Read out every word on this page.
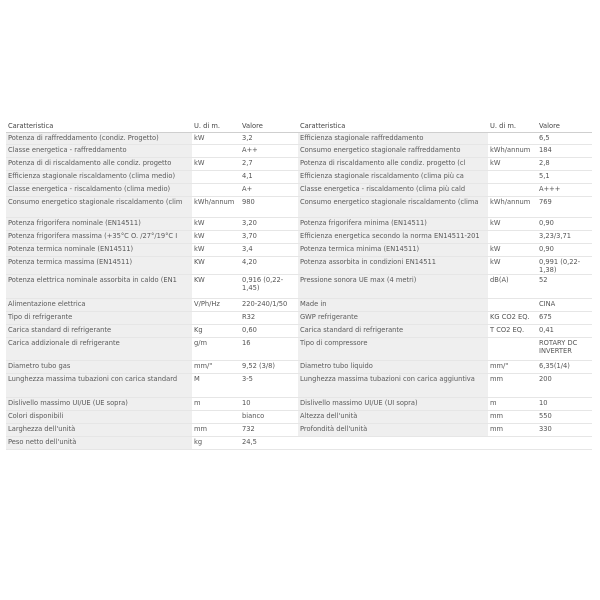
Caratteristica	U. di m.	Valore	Caratteristica	U. di m.	Valore
Potenza di raffreddamento (condiz. Progetto)	kW	3,2	Efficienza stagionale raffreddamento		6,5
Classe energetica - raffreddamento		A++	Consumo energetico stagionale raffreddamento	kWh/annum	184
Potenza di di riscaldamento alle condiz. progetto	kW	2,7	Potenza di riscaldamento alle condiz. progetto (cl	kW	2,8
Efficienza stagionale riscaldamento (clima medio)		4,1	Efficienza stagionale riscaldamento (clima più ca		5,1
Classe energetica - riscaldamento (clima medio)		A+	Classe energetica - riscaldamento (clima più cald		A+++
Consumo energetico stagionale riscaldamento (clim	kWh/annum	980	Consumo energetico stagionale riscaldamento (clima	kWh/annum	769
Potenza frigorifera nominale (EN14511)	kW	3,20	Potenza frigorifera minima (EN14511)	kW	0,90
Potenza frigorifera massima (+35°C O. /27°/19°C I	kW	3,70	Efficienza energetica secondo la norma EN14511-201		3,23/3,71
Potenza termica nominale (EN14511)	kW	3,4	Potenza termica minima (EN14511)	kW	0,90
Potenza termica massima (EN14511)	KW	4,20	Potenza assorbita in condizioni EN14511	kW	0,991 (0,22-1,38)
Potenza elettrica nominale assorbita in caldo (EN1	KW	0,916 (0,22-1,45)	Pressione sonora UE max (4 metri)	dB(A)	52
Alimentazione elettrica	V/Ph/Hz	220-240/1/50	Made in		CINA
Tipo di refrigerante		R32	GWP refrigerante	KG CO2 EQ.	675
Carica standard di refrigerante	Kg	0,60	Carica standard di refrigerante	T CO2 EQ.	0,41
Carica addizionale di refrigerante	g/m	16	Tipo di compressore		ROTARY DC INVERTER
Diametro tubo gas	mm/"	9,52 (3/8)	Diametro tubo liquido	mm/"	6,35(1/4)
Lunghezza massima tubazioni con carica standard	M	3-5	Lunghezza massima tubazioni con carica aggiuntiva	mm	200
Dislivello massimo UI/UE (UE sopra)	m	10	Dislivello massimo UI/UE (UI sopra)	m	10
Colori disponibili		bianco	Altezza dell'unità	mm	550
Larghezza dell'unità	mm	732	Profondità dell'unità	mm	330
Peso netto dell'unità	kg	24,5			
